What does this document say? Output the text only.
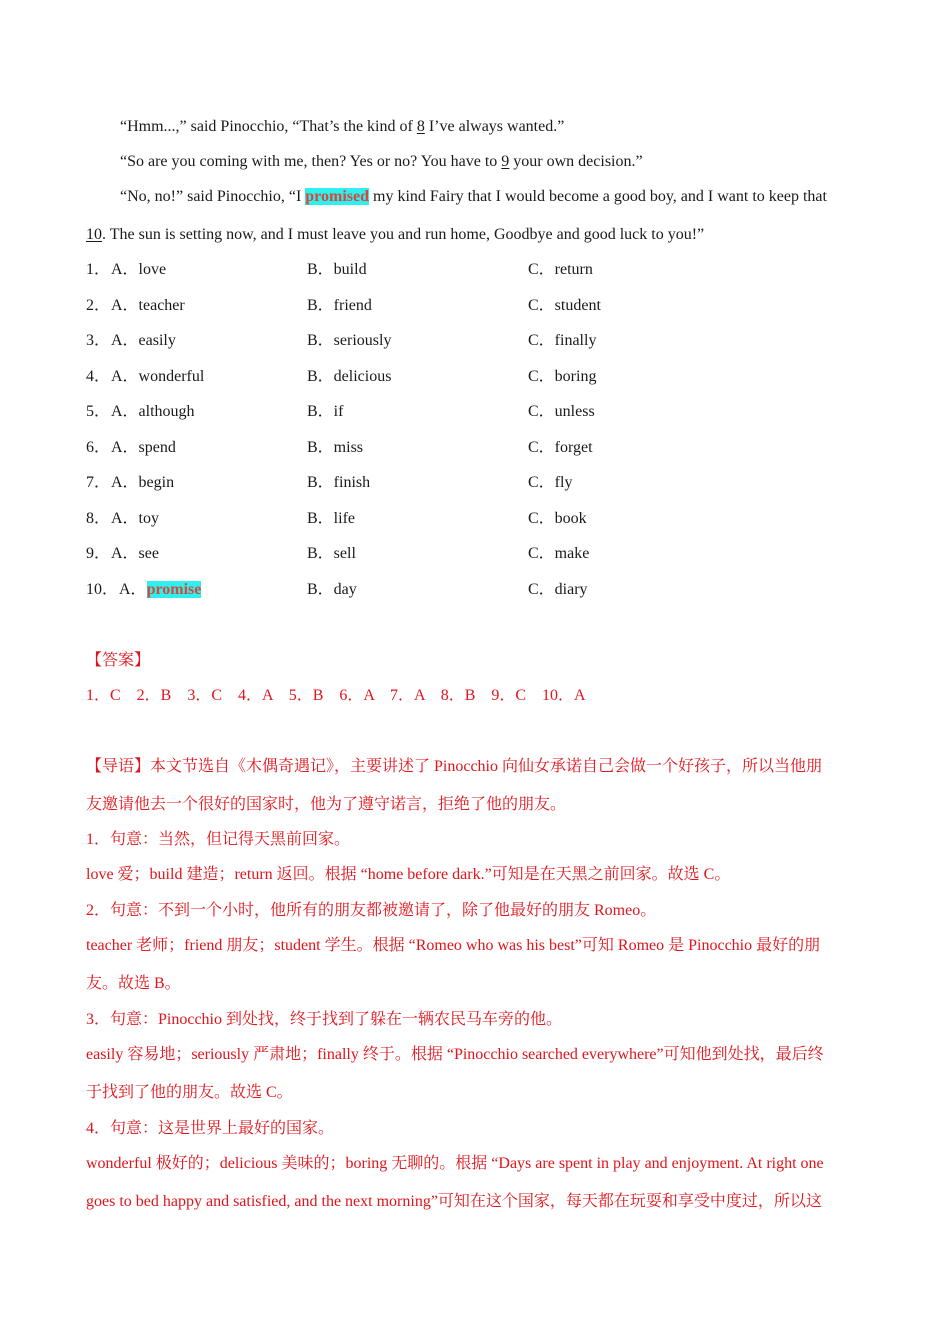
“Hmm...,” said Pinocchio, “That’s the kind of 8 I’ve always wanted.”
“So are you coming with me, then? Yes or no? You have to 9 your own decision.”
“No, no!” said Pinocchio, “I promised my kind Fairy that I would become a good boy, and I want to keep that
10. The sun is setting now, and I must leave you and run home, Goodbye and good luck to you!”
1． A．love	B．build	C．return
2． A．teacher	B．friend	C．student
3． A．easily	B．seriously	C．finally
4． A．wonderful	B．delicious	C．boring
5． A．although	B．if	C．unless
6． A．spend	B．miss	C．forget
7． A．begin	B．finish	C．fly
8． A．toy	B．life	C．book
9． A．see	B．sell	C．make
10． A．promise	B．day	C．diary
【答案】
1．C　2．B　3．C　4．A　5．B　6．A　7．A　8．B　9．C　10．A
【导语】本文节选自《木偶奇遇记》，主要讲述了 Pinocchio 向仙女承诺自己会做一个好孩子，所以当他朋
友邀请他去一个很好的国家时，他为了遵守诺言，拒绝了他的朋友。
1．句意：当然，但记得天黑前回家。
love 爱；build 建造；return 返回。根据 “home before dark.”可知是在天黑之前回家。故选 C。
2．句意：不到一个小时，他所有的朋友都被邀请了，除了他最好的朋友 Romeo。
teacher 老师；friend 朋友；student 学生。根据 “Romeo who was his best”可知 Romeo 是 Pinocchio 最好的朋
友。故选 B。
3．句意：Pinocchio 到处找，终于找到了躲在一辆农民马车旁的他。
easily 容易地；seriously 严肃地；finally 终于。根据 “Pinocchio searched everywhere”可知他到处找，最后终
于找到了他的朋友。故选 C。
4．句意：这是世界上最好的国家。
wonderful 极好的；delicious 美味的；boring 无聊的。根据 “Days are spent in play and enjoyment. At right one
goes to bed happy and satisfied, and the next morning”可知在这个国家，每天都在玩耍和享受中度过，所以这
